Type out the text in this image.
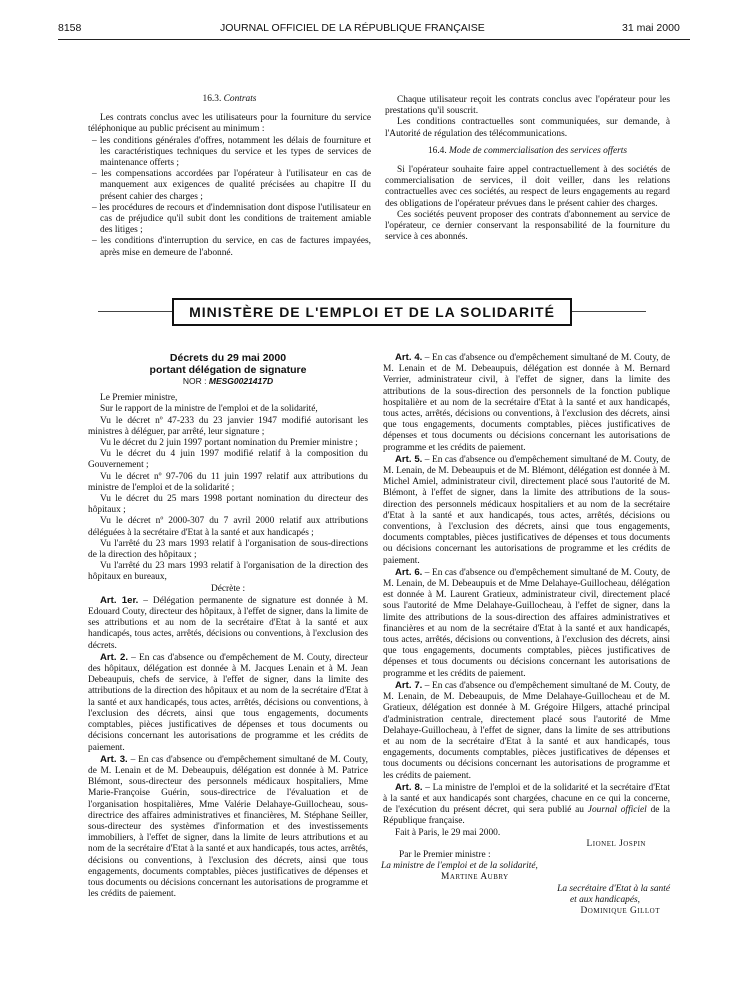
8158	JOURNAL OFFICIEL DE LA RÉPUBLIQUE FRANÇAISE	31 mai 2000
16.3. Contrats

Les contrats conclus avec les utilisateurs pour la fourniture du service téléphonique au public précisent au minimum :

– les conditions générales d'offres, notamment les délais de fourniture et les caractéristiques techniques du service et les types de services de maintenance offerts ;
– les compensations accordées par l'opérateur à l'utilisateur en cas de manquement aux exigences de qualité précisées au chapitre II du présent cahier des charges ;
– les procédures de recours et d'indemnisation dont dispose l'utilisateur en cas de préjudice qu'il subit dont les conditions de traitement amiable des litiges ;
– les conditions d'interruption du service, en cas de factures impayées, après mise en demeure de l'abonné.

Chaque utilisateur reçoit les contrats conclus avec l'opérateur pour les prestations qu'il souscrit.

Les conditions contractuelles sont communiquées, sur demande, à l'Autorité de régulation des télécommunications.

16.4. Mode de commercialisation des services offerts

Si l'opérateur souhaite faire appel contractuellement à des sociétés de commercialisation de services, il doit veiller, dans les relations contractuelles avec ces sociétés, au respect de leurs engagements au regard des obligations de l'opérateur prévues dans le présent cahier des charges.

Ces sociétés peuvent proposer des contrats d'abonnement au service de l'opérateur, ce dernier conservant la responsabilité de la fourniture du service à ces abonnés.

MINISTÈRE DE L'EMPLOI ET DE LA SOLIDARITÉ
Décrets du 29 mai 2000
portant délégation de signature
NOR : MESG0021417D

Le Premier ministre,

Sur le rapport de la ministre de l'emploi et de la solidarité,

Vu le décret nº 47-233 du 23 janvier 1947 modifié autorisant les ministres à déléguer, par arrêté, leur signature ;

Vu le décret du 2 juin 1997 portant nomination du Premier ministre ;

Vu le décret du 4 juin 1997 modifié relatif à la composition du Gouvernement ;

Vu le décret nº 97-706 du 11 juin 1997 relatif aux attributions du ministre de l'emploi et de la solidarité ;

Vu le décret du 25 mars 1998 portant nomination du directeur des hôpitaux ;

Vu le décret nº 2000-307 du 7 avril 2000 relatif aux attributions déléguées à la secrétaire d'Etat à la santé et aux handicapés ;

Vu l'arrêté du 23 mars 1993 relatif à l'organisation de sous-directions de la direction des hôpitaux ;

Vu l'arrêté du 23 mars 1993 relatif à l'organisation de la direction des hôpitaux en bureaux,

Décrète :

Art. 1er. – Délégation permanente de signature est donnée à M. Edouard Couty, directeur des hôpitaux, à l'effet de signer, dans la limite de ses attributions et au nom de la secrétaire d'Etat à la santé et aux handicapés, tous actes, arrêtés, décisions ou conventions, à l'exclusion des décrets.

Art. 2. – En cas d'absence ou d'empêchement de M. Couty, directeur des hôpitaux, délégation est donnée à M. Jacques Lenain et à M. Jean Debeaupuis, chefs de service, à l'effet de signer, dans la limite des attributions de la direction des hôpitaux et au nom de la secrétaire d'Etat à la santé et aux handicapés, tous actes, arrêtés, décisions ou conventions, à l'exclusion des décrets, ainsi que tous engagements, documents comptables, pièces justificatives de dépenses et tous documents ou décisions concernant les autorisations de programme et les crédits de paiement.

Art. 3. – En cas d'absence ou d'empêchement simultané de M. Couty, de M. Lenain et de M. Debeaupuis, délégation est donnée à M. Patrice Blémont, sous-directeur des personnels médicaux hospitaliers, Mme Marie-Françoise Guérin, sous-directrice de l'évaluation et de l'organisation hospitalières, Mme Valérie Delahaye-Guillocheau, sous-directrice des affaires administratives et financières, M. Stéphane Seiller, sous-directeur des systèmes d'information et des investissements immobiliers, à l'effet de signer, dans la limite de leurs attributions et au nom de la secrétaire d'Etat à la santé et aux handicapés, tous actes, arrêtés, décisions ou conventions, à l'exclusion des décrets, ainsi que tous engagements, documents comptables, pièces justificatives de dépenses et tous documents ou décisions concernant les autorisations de programme et les crédits de paiement.

Art. 4. – En cas d'absence ou d'empêchement simultané de M. Couty, de M. Lenain et de M. Debeaupuis, délégation est donnée à M. Bernard Verrier, administrateur civil, à l'effet de signer, dans la limite des attributions de la sous-direction des personnels de la fonction publique hospitalière et au nom de la secrétaire d'Etat à la santé et aux handicapés, tous actes, arrêtés, décisions ou conventions, à l'exclusion des décrets, ainsi que tous engagements, documents comptables, pièces justificatives de dépenses et tous documents ou décisions concernant les autorisations de programme et les crédits de paiement.

Art. 5. – En cas d'absence ou d'empêchement simultané de M. Couty, de M. Lenain, de M. Debeaupuis et de M. Blémont, délégation est donnée à M. Michel Amiel, administrateur civil, directement placé sous l'autorité de M. Blémont, à l'effet de signer, dans la limite des attributions de la sous-direction des personnels médicaux hospitaliers et au nom de la secrétaire d'Etat à la santé et aux handicapés, tous actes, arrêtés, décisions ou conventions, à l'exclusion des décrets, ainsi que tous engagements, documents comptables, pièces justificatives de dépenses et tous documents ou décisions concernant les autorisations de programme et les crédits de paiement.

Art. 6. – En cas d'absence ou d'empêchement simultané de M. Couty, de M. Lenain, de M. Debeaupuis et de Mme Delahaye-Guillocheau, délégation est donnée à M. Laurent Gratieux, administrateur civil, directement placé sous l'autorité de Mme Delahaye-Guillocheau, à l'effet de signer, dans la limite des attributions de la sous-direction des affaires administratives et financières et au nom de la secrétaire d'Etat à la santé et aux handicapés, tous actes, arrêtés, décisions ou conventions, à l'exclusion des décrets, ainsi que tous engagements, documents comptables, pièces justificatives de dépenses et tous documents ou décisions concernant les autorisations de programme et les crédits de paiement.

Art. 7. – En cas d'absence ou d'empêchement simultané de M. Couty, de M. Lenain, de M. Debeaupuis, de Mme Delahaye-Guillocheau et de M. Gratieux, délégation est donnée à M. Grégoire Hilgers, attaché principal d'administration centrale, directement placé sous l'autorité de Mme Delahaye-Guillocheau, à l'effet de signer, dans la limite de ses attributions et au nom de la secrétaire d'Etat à la santé et aux handicapés, tous engagements, documents comptables, pièces justificatives de dépenses et tous documents ou décisions concernant les autorisations de programme et les crédits de paiement.

Art. 8. – La ministre de l'emploi et de la solidarité et la secrétaire d'Etat à la santé et aux handicapés sont chargées, chacune en ce qui la concerne, de l'exécution du présent décret, qui sera publié au Journal officiel de la République française.

Fait à Paris, le 29 mai 2000.

Lionel Jospin
Par le Premier ministre :
La ministre de l'emploi et de la solidarité,
Martine Aubry
La secrétaire d'Etat à la santé
et aux handicapés,
Dominique Gillot
